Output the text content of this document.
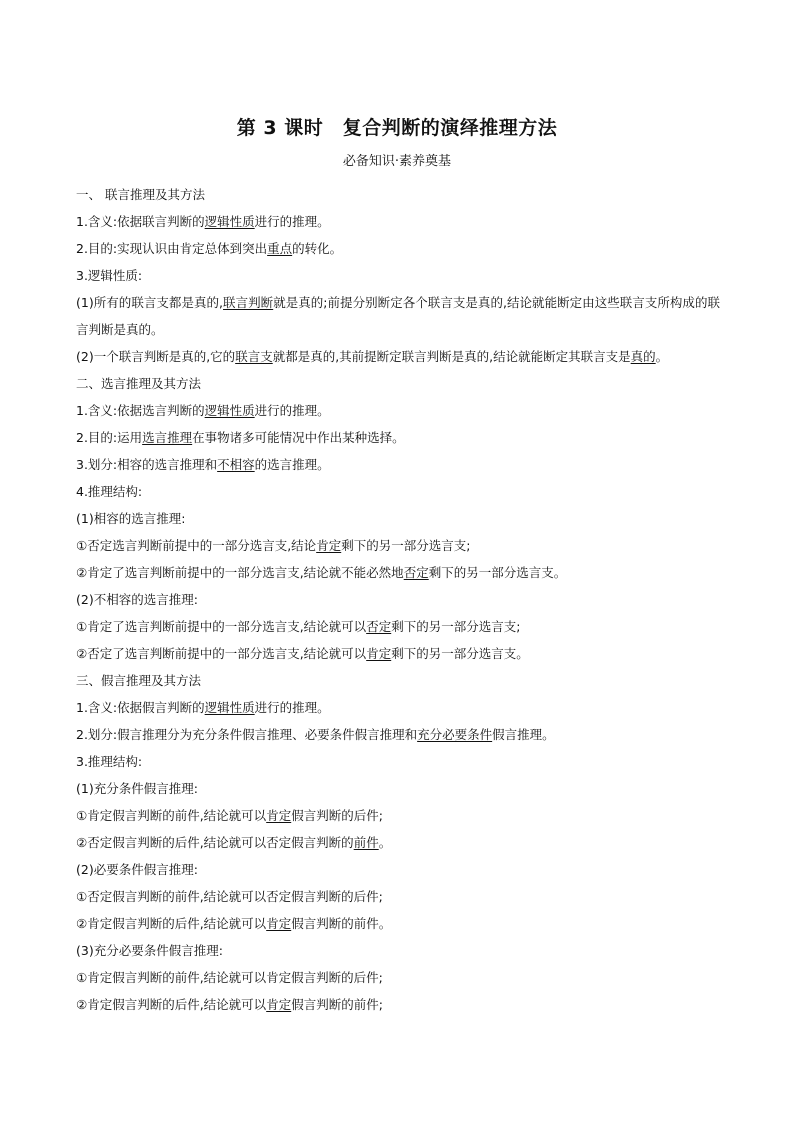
第 3 课时　复合判断的演绎推理方法
必备知识·素养奠基
一、 联言推理及其方法
1.含义:依据联言判断的逻辑性质进行的推理。
2.目的:实现认识由肯定总体到突出重点的转化。
3.逻辑性质:
(1)所有的联言支都是真的,联言判断就是真的;前提分别断定各个联言支是真的,结论就能断定由这些联言支所构成的联言判断是真的。
(2)一个联言判断是真的,它的联言支就都是真的,其前提断定联言判断是真的,结论就能断定其联言支是真的。
二、选言推理及其方法
1.含义:依据选言判断的逻辑性质进行的推理。
2.目的:运用选言推理在事物诸多可能情况中作出某种选择。
3.划分:相容的选言推理和不相容的选言推理。
4.推理结构:
(1)相容的选言推理:
①否定选言判断前提中的一部分选言支,结论肯定剩下的另一部分选言支;
②肯定了选言判断前提中的一部分选言支,结论就不能必然地否定剩下的另一部分选言支。
(2)不相容的选言推理:
①肯定了选言判断前提中的一部分选言支,结论就可以否定剩下的另一部分选言支;
②否定了选言判断前提中的一部分选言支,结论就可以肯定剩下的另一部分选言支。
三、假言推理及其方法
1.含义:依据假言判断的逻辑性质进行的推理。
2.划分:假言推理分为充分条件假言推理、必要条件假言推理和充分必要条件假言推理。
3.推理结构:
(1)充分条件假言推理:
①肯定假言判断的前件,结论就可以肯定假言判断的后件;
②否定假言判断的后件,结论就可以否定假言判断的前件。
(2)必要条件假言推理:
①否定假言判断的前件,结论就可以否定假言判断的后件;
②肯定假言判断的后件,结论就可以肯定假言判断的前件。
(3)充分必要条件假言推理:
①肯定假言判断的前件,结论就可以肯定假言判断的后件;
②肯定假言判断的后件,结论就可以肯定假言判断的前件;
